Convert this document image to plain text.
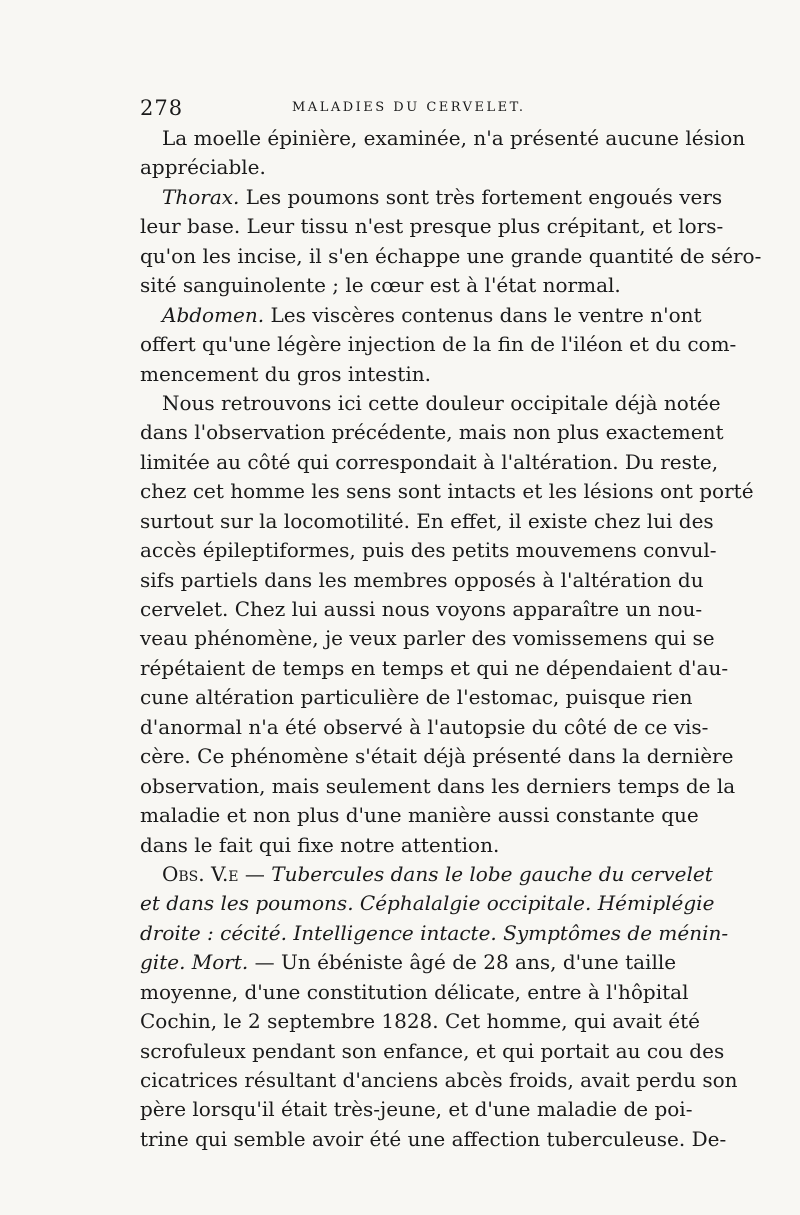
278	MALADIES DU CERVELET.
La moelle épinière, examinée, n'a présenté aucune lésion
appréciable.
Thorax. Les poumons sont très fortement engoués vers
leur base. Leur tissu n'est presque plus crépitant, et lors-
qu'on les incise, il s'en échappe une grande quantité de séro-
sité sanguinolente ; le cœur est à l'état normal.
Abdomen. Les viscères contenus dans le ventre n'ont
offert qu'une légère injection de la fin de l'iléon et du com-
mencement du gros intestin.
Nous retrouvons ici cette douleur occipitale déjà notée
dans l'observation précédente, mais non plus exactement
limitée au côté qui correspondait à l'altération. Du reste,
chez cet homme les sens sont intacts et les lésions ont porté
surtout sur la locomotilité. En effet, il existe chez lui des
accès épileptiformes, puis des petits mouvemens convul-
sifs partiels dans les membres opposés à l'altération du
cervelet. Chez lui aussi nous voyons apparaître un nou-
veau phénomène, je veux parler des vomissemens qui se
répétaient de temps en temps et qui ne dépendaient d'au-
cune altération particulière de l'estomac, puisque rien
d'anormal n'a été observé à l'autopsie du côté de ce vis-
cère. Ce phénomène s'était déjà présenté dans la dernière
observation, mais seulement dans les derniers temps de la
maladie et non plus d'une manière aussi constante que
dans le fait qui fixe notre attention.
Obs. V.e — Tubercules dans le lobe gauche du cervelet
et dans les poumons. Céphalalgie occipitale. Hémiplégie
droite : cécité. Intelligence intacte. Symptômes de ménin-
gite. Mort. — Un ébéniste âgé de 28 ans, d'une taille
moyenne, d'une constitution délicate, entre à l'hôpital
Cochin, le 2 septembre 1828. Cet homme, qui avait été
scrofuleux pendant son enfance, et qui portait au cou des
cicatrices résultant d'anciens abcès froids, avait perdu son
père lorsqu'il était très-jeune, et d'une maladie de poi-
trine qui semble avoir été une affection tuberculeuse. De-
